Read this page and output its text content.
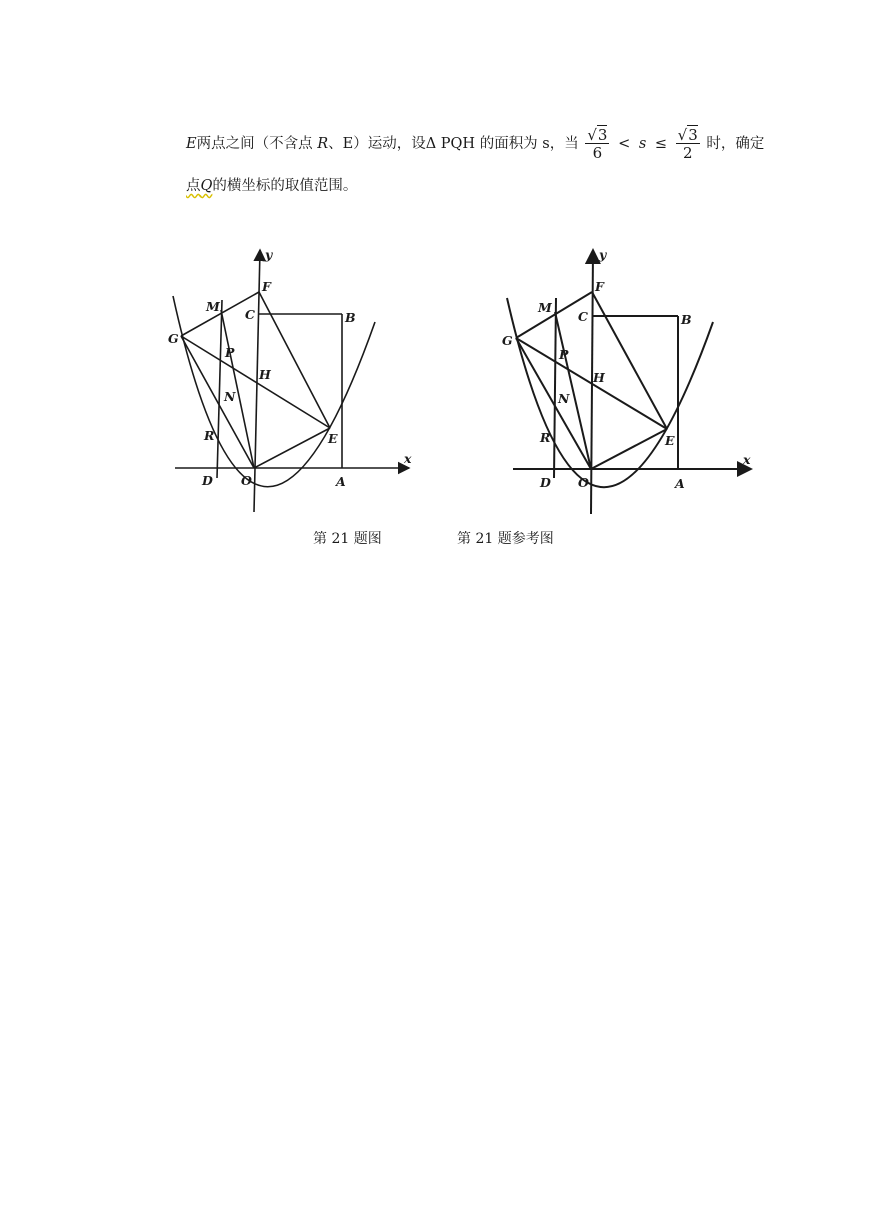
E两点之间（不含点 R、E）运动，设Δ PQH 的面积为 s，当 $\frac{√3}{6} < s \le \frac{√3}{2}$ 时，确定
点Q的横坐标的取值范围。
y
x
F
M
C	B
G
P
H
N
R	E
D O	A
y
x
F
M
C	B
G
P
H
N
R	E
D O	A
第 21 题图	第 21 题参考图
